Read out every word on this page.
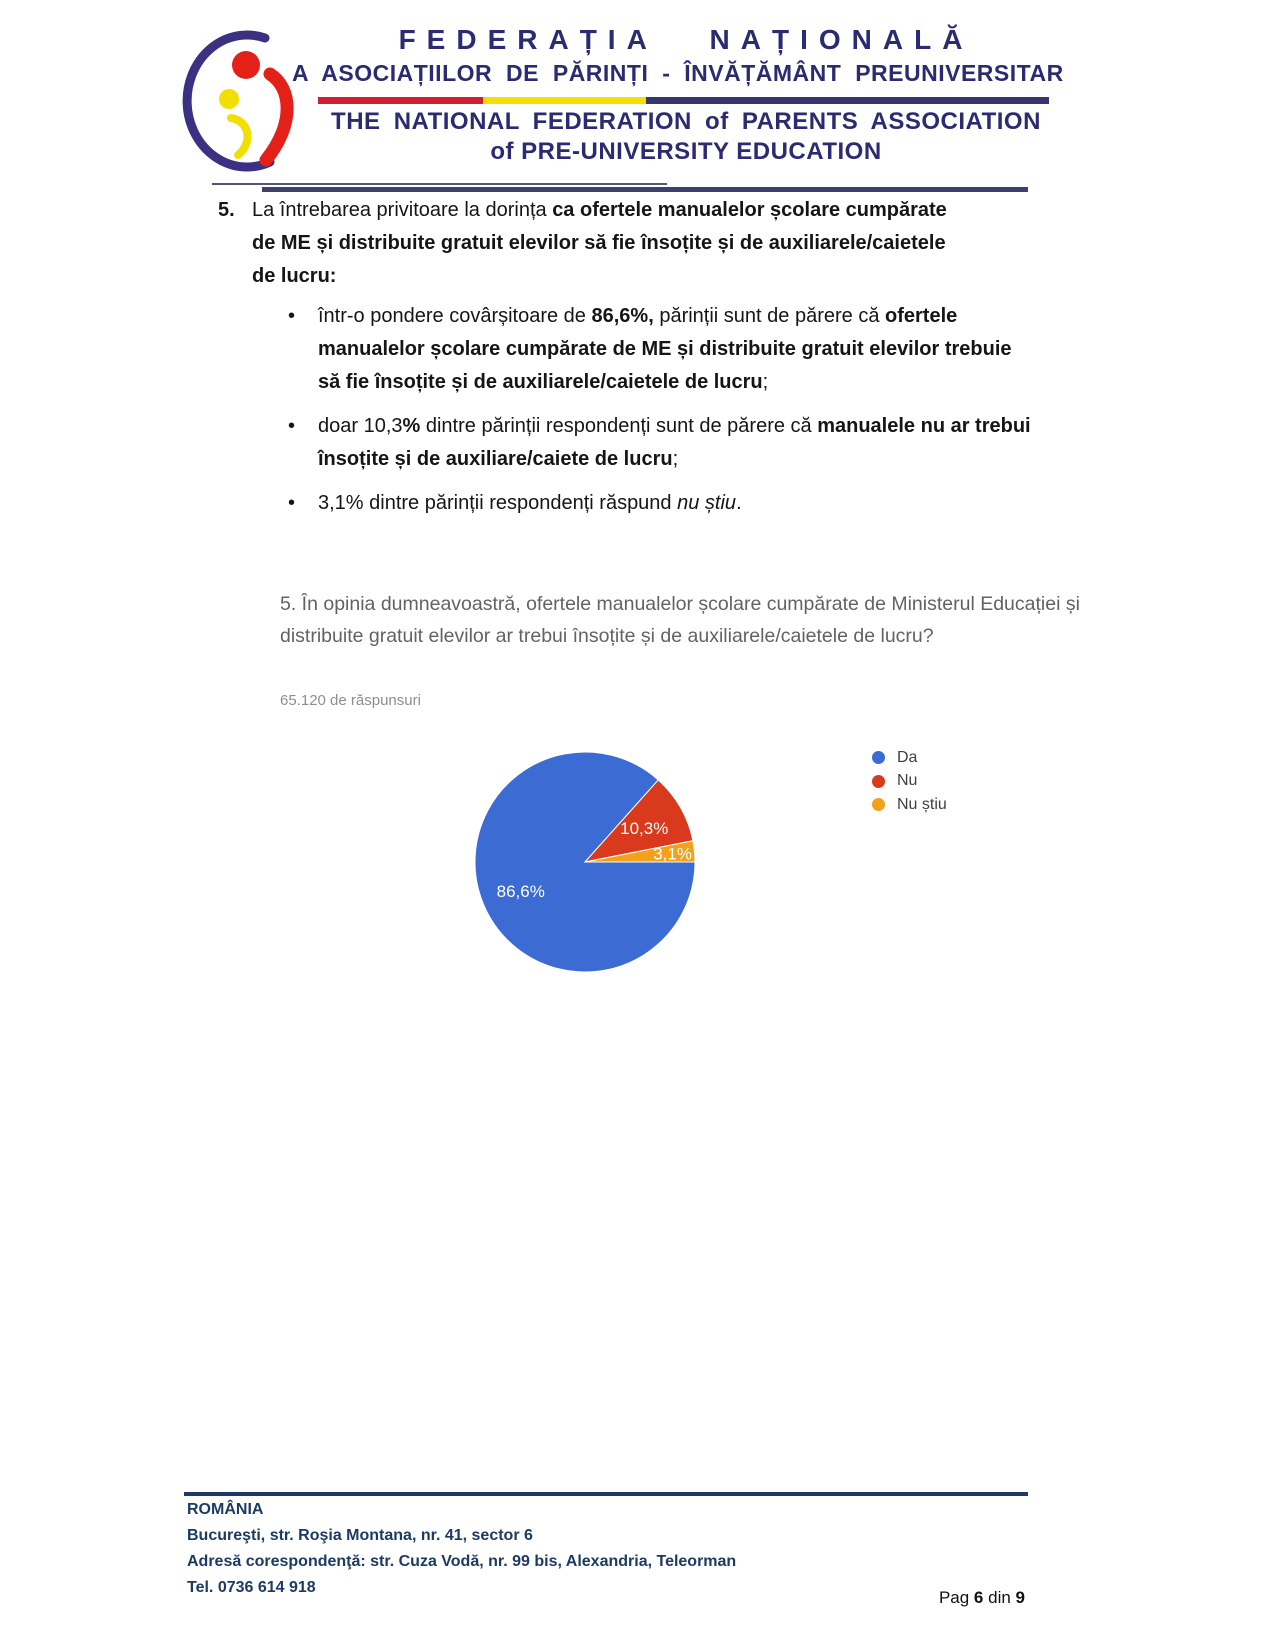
FEDERAȚIA NAȚIONALĂ
A ASOCIAȚIILOR DE PĂRINȚI - ÎNVĂȚĂMÂNT PREUNIVERSITAR
THE NATIONAL FEDERATION of PARENTS ASSOCIATION
of PRE-UNIVERSITY EDUCATION
5. La întrebarea privitoare la dorința ca ofertele manualelor școlare cumpărate de ME și distribuite gratuit elevilor să fie însoțite și de auxiliarele/caietele de lucru:
• într-o pondere covârșitoare de 86,6%, părinții sunt de părere că ofertele manualelor școlare cumpărate de ME și distribuite gratuit elevilor trebuie să fie însoțite și de auxiliarele/caietele de lucru;
• doar 10,3% dintre părinții respondenți sunt de părere că manualele nu ar trebui însoțite și de auxiliare/caiete de lucru;
• 3,1% dintre părinții respondenți răspund nu știu.
5. În opinia dumneavoastră, ofertele manualelor școlare cumpărate de Ministerul Educației și
distribuite gratuit elevilor ar trebui însoțite și de auxiliarele/caietele de lucru?
65.120 de răspunsuri
86,6%
10,3%
3,1%
Da
Nu
Nu știu
ROMÂNIA
Bucureşti, str. Roşia Montana, nr. 41, sector 6
Adresă corespondenţă: str. Cuza Vodă, nr. 99 bis, Alexandria, Teleorman
Tel. 0736 614 918
Pag 6 din 9
